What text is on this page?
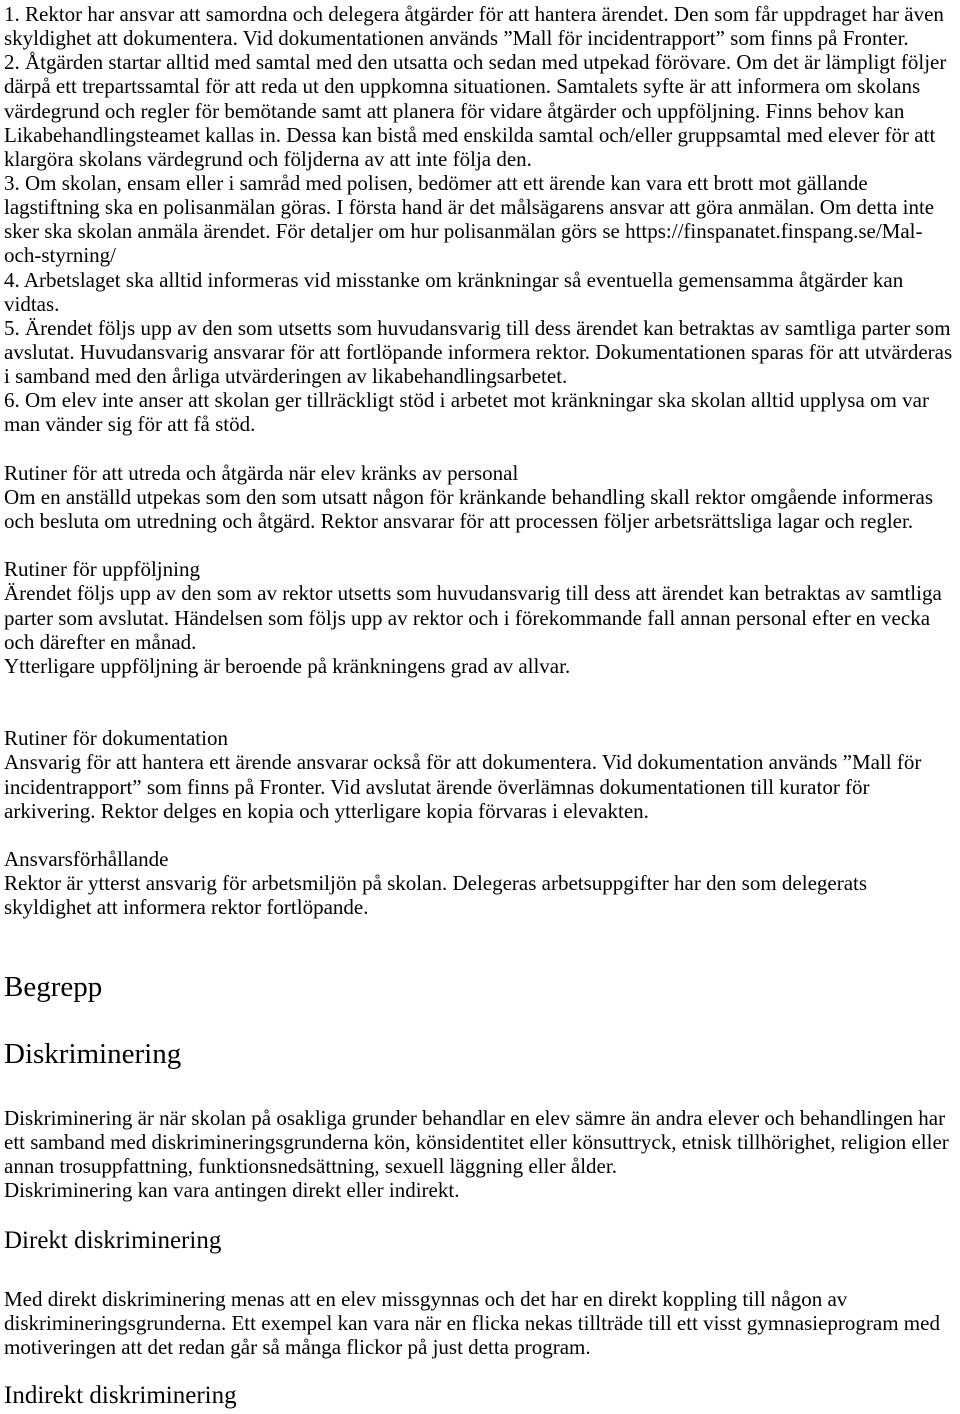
1. Rektor har ansvar att samordna och delegera åtgärder för att hantera ärendet. Den som får uppdraget har även
skyldighet att dokumentera. Vid dokumentationen används ”Mall för incidentrapport” som finns på Fronter.
2. Åtgärden startar alltid med samtal med den utsatta och sedan med utpekad förövare. Om det är lämpligt följer
därpå ett trepartssamtal för att reda ut den uppkomna situationen. Samtalets syfte är att informera om skolans
värdegrund och regler för bemötande samt att planera för vidare åtgärder och uppföljning. Finns behov kan
Likabehandlingsteamet kallas in. Dessa kan bistå med enskilda samtal och/eller gruppsamtal med elever för att
klargöra skolans värdegrund och följderna av att inte följa den.
3. Om skolan, ensam eller i samråd med polisen, bedömer att ett ärende kan vara ett brott mot gällande
lagstiftning ska en polisanmälan göras. I första hand är det målsägarens ansvar att göra anmälan. Om detta inte
sker ska skolan anmäla ärendet. För detaljer om hur polisanmälan görs se https://finspanatet.finspang.se/Mal-
och-styrning/
4. Arbetslaget ska alltid informeras vid misstanke om kränkningar så eventuella gemensamma åtgärder kan
vidtas.
5. Ärendet följs upp av den som utsetts som huvudansvarig till dess ärendet kan betraktas av samtliga parter som
avslutat. Huvudansvarig ansvarar för att fortlöpande informera rektor. Dokumentationen sparas för att utvärderas
i samband med den årliga utvärderingen av likabehandlingsarbetet.
6. Om elev inte anser att skolan ger tillräckligt stöd i arbetet mot kränkningar ska skolan alltid upplysa om var
man vänder sig för att få stöd.
Rutiner för att utreda och åtgärda när elev kränks av personal
Om en anställd utpekas som den som utsatt någon för kränkande behandling skall rektor omgående informeras
och besluta om utredning och åtgärd. Rektor ansvarar för att processen följer arbetsrättsliga lagar och regler.
Rutiner för uppföljning
Ärendet följs upp av den som av rektor utsetts som huvudansvarig till dess att ärendet kan betraktas av samtliga
parter som avslutat. Händelsen som följs upp av rektor och i förekommande fall annan personal efter en vecka
och därefter en månad.
Ytterligare uppföljning är beroende på kränkningens grad av allvar.
Rutiner för dokumentation
Ansvarig för att hantera ett ärende ansvarar också för att dokumentera. Vid dokumentation används ”Mall för
incidentrapport” som finns på Fronter. Vid avslutat ärende överlämnas dokumentationen till kurator för
arkivering. Rektor delges en kopia och ytterligare kopia förvaras i elevakten.
Ansvarsförhållande
Rektor är ytterst ansvarig för arbetsmiljön på skolan. Delegeras arbetsuppgifter har den som delegerats
skyldighet att informera rektor fortlöpande.
Begrepp
Diskriminering
Diskriminering är när skolan på osakliga grunder behandlar en elev sämre än andra elever och behandlingen har
ett samband med diskrimineringsgrunderna kön, könsidentitet eller könsuttryck, etnisk tillhörighet, religion eller
annan trosuppfattning, funktionsnedsättning, sexuell läggning eller ålder.
Diskriminering kan vara antingen direkt eller indirekt.
Direkt diskriminering
Med direkt diskriminering menas att en elev missgynnas och det har en direkt koppling till någon av
diskrimineringsgrunderna. Ett exempel kan vara när en flicka nekas tillträde till ett visst gymnasieprogram med
motiveringen att det redan går så många flickor på just detta program.
Indirekt diskriminering
